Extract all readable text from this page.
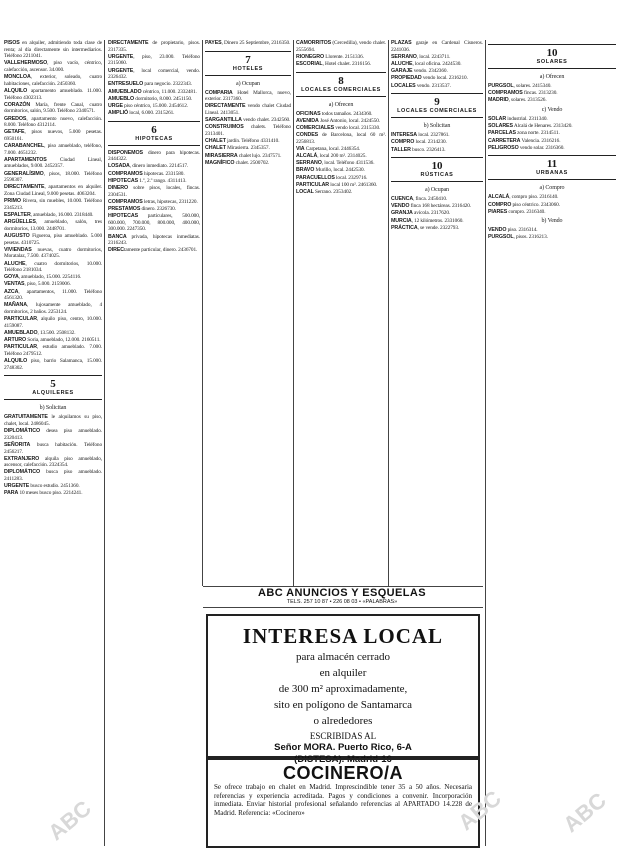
PISOS en alquiler, admitiendo toda clase de renta; al día directamente sin intermediarios. Teléfono 2211041.

VALLEHERMOSO, piso vacío, céntrico, calefacción, ascensor. 34.000.

MONCLOA, exterior, soleado, cuatro habitaciones, calefacción. 2450360.

ALQUILO apartamento amueblado. 11.000. Teléfono 4302313.

CORAZÓN María, frente Canal, cuatro dormitorios, salón, 9.500. Teléfono 2340571.

GREDOS, apartamento nuevo, calefacción. 8.000. Teléfono 4312114.

GETAFE, pisos nuevos, 5.000 pesetas. 6950161.

CARABANCHEL, piso amueblado, teléfono, 7.000. 4651232.

APARTAMENTOS Ciudad Lineal, amueblados, 9.000. 2452357.

GENERALÍSIMO, pisos, 18.000. Teléfono 2598307.

DIRECTAMENTE, apartamentos en alquiler. Zona Ciudad Lineal, 9.000 pesetas. 4063204.

PRIMO Rivera, sin muebles, 10.000. Teléfono 2345213.

ESPALTER, amueblado, 16.000. 2318440.

ARGÜELLES, amueblado, salón, tres dormitorios, 13.000. 2448701.

AUGUSTO Figueroa, piso amueblado. 5.000 pesetas. 4310725.

VIVIENDAS nuevas, cuatro dormitorios, Moratalaz, 7.500. 4374025.

ALUCHE, cuatro dormitorios, 10.000. Teléfono 2181034.

GOYA, amueblado, 15.000. 2254116.

VENTAS, piso, 5.000. 2159006.

AZCA, apartamentos, 11.000. Teléfono 4561320.

MAÑANA, lujosamente amueblado, 4 dormitorios, 2 baños. 2253124.

PARTICULAR, alquilo piso, centro, 10.000. 4159087.

AMUEBLADO, 13.500. 2508132.

ARTURO Soria, amueblado, 12.000. 2160511.

PARTICULAR, estudio amueblado. 7.000. Teléfono 2479512.

ALQUILO piso, barrio Salamanca, 15.000. 2748302.

5
ALQUILERES
b) Solicitan

GRATUITAMENTE le alquilamos su piso, chalet, local. 2486045.

DIPLOMÁTICO desea piso amueblado. 2320413.

SEÑORITA busca habitación. Teléfono 2456217.

EXTRANJERO alquila piso amueblado, ascensor, calefacción. 2324354.

DIPLOMÁTICO busca piso amueblado. 2411283.

URGENTE busco estudio. 2451360.

PARA 10 meses busco piso. 2214241.

DIRECTAMENTE de propietario, pisos. 2317335.

URGENTE, piso, 23.000. Teléfono 2315060.

URGENTE, local comercial, vendo. 2326432.

ENTRESUELO para negocio. 2322343.

AMUEBLADO céntrico, 11.000. 2332481.

AMUEBLO dormitorio, 8.000. 2451150.

URGE piso céntrico, 15.000. 2454612.

AMPLIÓ local, 6.000. 2315261.

6
HIPOTECAS

DISPONEMOS dinero para hipotecas. 2444322.

LOSADA, dinero inmediato. 2214517.

COMPRAMOS hipotecas. 2331580.

HIPOTECAS 1.º, 2.º rango. 4311413.

DINERO sobre pisos, locales, fincas. 2304531.

COMPRAMOS letras, hipotecas, 2311220.

PRESTAMOS dinero. 2326730.

HIPOTECAS particulares, 500.000, 600.000, 700.000, 800.000, 400.000, 300.000. 2247350.

BANCA privada, hipotecas inmediatas. 2316243.

DIRECtamente particular, dinero. 2436701.

PAYÉS, Dinero 25 Septiembre, 2316350.

7
HOTELES
a) Ocupan

COMPARIA Hotel Mallorca, nuevo, exterior. 2317360.

DIRECTAMENTE vendo chalet Ciudad Lineal. 2413051.

SARGANTILLA vendo chalet. 2342560.

CONSTRUIMOS chalets. Teléfono 2313401.

CHALET jardín. Teléfono 4331410.

CHALET Mirasierra. 2345357.

MIRASIERRA chalet lujo. 2347571.

MAGNÍFICO chalet. 2500702.

CAMORRITOS (Cercedilla), vendo chalet. 2555694.

RIONEGRO Llorente. 2151336.

ESCORIAL, Hotel chalet. 2316156.

8
LOCALES COMERCIALES
a) Ofrecen

OFICINAS todos tamaños. 2434360.

AVENIDA José Antonio, local. 2424550.

COMERCIALES vendo local. 2315330.

CONDES de Barcelona, local 60 m². 2256813.

VIA Carpetana, local. 2446354.

ALCALÁ, local 200 m². 2314025.

SERRANO, local. Teléfono 4311536.

BRAVO Murillo, local. 2442530.

PARACUELLOS local. 2329716.

PARTICULAR local 100 m². 2461360.

LOCAL Serrano. 2353402.

PLAZAS garaje en Cardenal Cisneros. 2241036.

SERRANO, local. 2243711.

ALUCHE, local oficina. 2424530.

GARAJE vendo. 2342360.

PROPIEDAD vendo local. 2316210.

LOCALES vendo. 2313537.

9
LOCALES COMERCIALES
b) Solicitan

INTERESA local. 2327861.

COMPRO local. 2314230.

TALLER busco. 2326413.

10
RÚSTICAS
a) Ocupan

CUENCA, finca. 2450410.

VENDO finca 168 hectáreas. 2316420.

GRANJA avícola. 2317620.

MURCIA, 12 kilómetros. 2331060.

PRÁCTICA, se vende. 2322793.

10
SOLARES
a) Ofrecen

PURGSOL, solares. 2415340.

COMPRAMOS fincas. 2313230.

MADRID, solares. 2313526.

c) Vendo

SOLAR industrial. 2311340.

SOLARES Alcalá de Henares. 2313420.

PARCELAS zona norte. 2314511.

CARRETERA Valencia. 2316216.

PELIGROSO vendo solar. 2316360.

11
URBANAS
a) Compro

ALCALÁ, compro piso. 2316140.

COMPRO piso céntrico. 2343060.

PIARES compro. 2316340.

b) Vendo

VENDO piso. 2316314.

PURGSOL, pisos. 2316213.

ABC ANUNCIOS Y ESQUELAS
TELS. 257 10 87 • 226 08 03 • «PALABRAS»
INTERESA LOCAL
para almacén cerrado
en alquiler
de 300 m² aproximadamente,
sito en polígono de Santamarca
o alrededores
ESCRIBIDAS AL
Señor MORA. Puerto Rico, 6-A
(DISTESA). Madrid-16
COCINERO/A
Se ofrece trabajo en chalet en Madrid. Imprescindible tener 35 a 50 años. Necesaria referencias y experiencia acreditada. Pagos y condiciones a convenir. Incorporación inmediata. Enviar historial profesional señalando referencias al APARTADO 14.228 de Madrid. Referencia: «Cocinero»
ABC	ABC ABC
